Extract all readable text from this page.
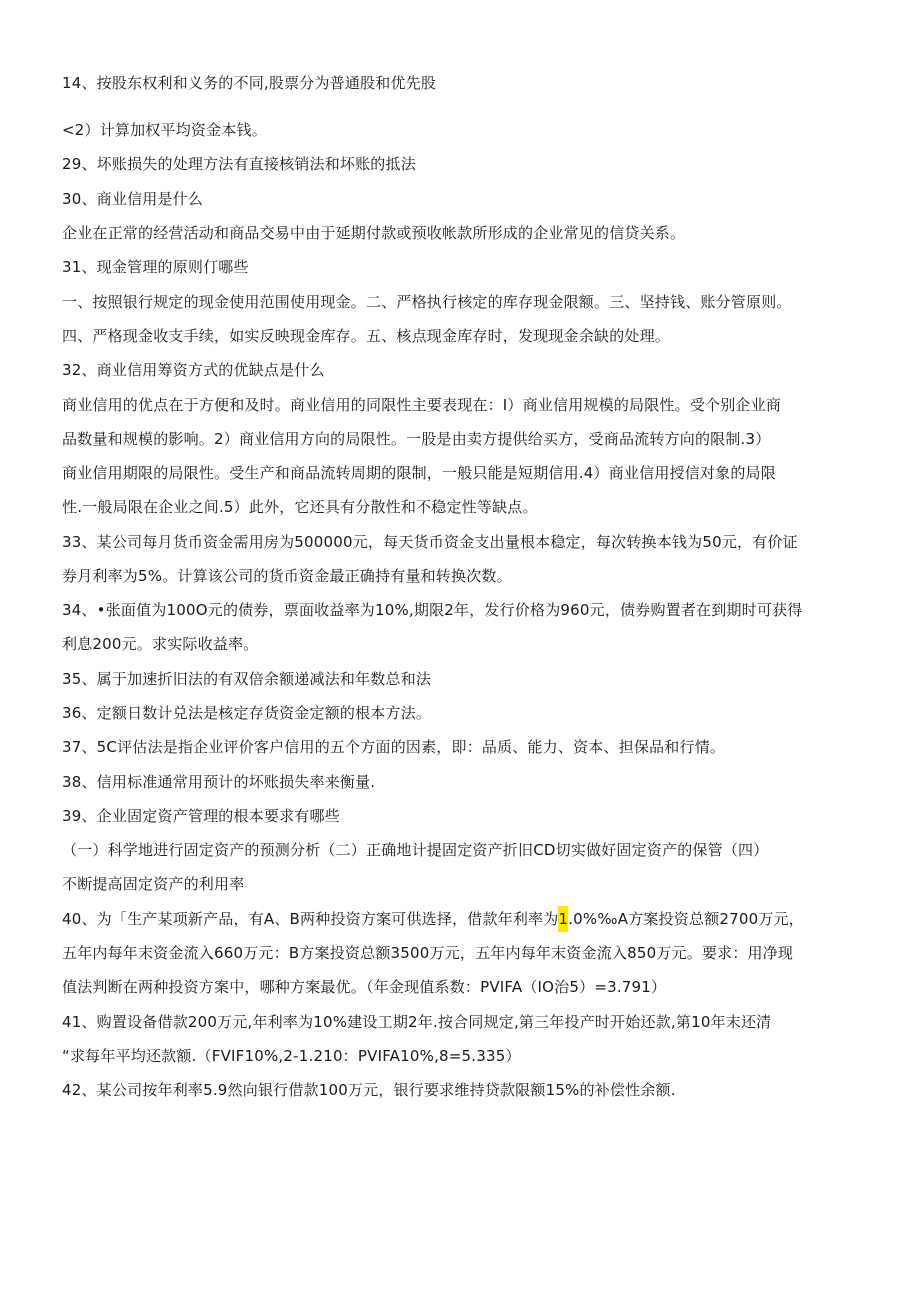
14、按股东权利和义务的不同,股票分为普通股和优先股
<2）计算加权平均资金本钱。
29、坏账损失的处理方法有直接核销法和坏账的抵法
30、商业信用是什么
企业在正常的经营活动和商品交易中由于延期付款或预收帐款所形成的企业常见的信贷关系。
31、现金管理的原则仃哪些
一、按照银行规定的现金使用范围使用现金。二、严格执行核定的库存现金限额。三、坚持钱、账分管原则。
四、严格现金收支手续，如实反映现金库存。五、核点现金库存时，发现现金余缺的处理。
32、商业信用筹资方式的优缺点是什么
商业信用的优点在于方便和及时。商业信用的同限性主要表现在：I）商业信用规模的局限性。受个别企业商
品数量和规模的影响。2）商业信用方向的局限性。一股是由卖方提供给买方，受商品流转方向的限制.3）
商业信用期限的局限性。受生产和商品流转周期的限制，一般只能是短期信用.4）商业信用授信对象的局限
性.一般局限在企业之间.5）此外，它还具有分散性和不稳定性等缺点。
33、某公司每月货币资金需用房为500000元，每天货币资金支出量根本稳定，每次转换本钱为50元，有价证
券月利率为5%。计算该公司的货币资金最正确持有量和转换次数。
34、•张面值为100O元的债券，票面收益率为10%,期限2年，发行价格为960元，债券购置者在到期时可获得
利息200元。求实际收益率。
35、属于加速折旧法的有双倍余额递减法和年数总和法
36、定额日数计兑法是核定存货资金定额的根本方法。
37、5C评估法是指企业评价客户信用的五个方面的因素，即：品质、能力、资本、担保品和行情。
38、信用标准通常用预计的坏账损失率来衡量.
39、企业固定资产管理的根本要求有哪些
（一）科学地进行固定资产的预测分析（二）正确地计提固定资产折旧CD切实做好固定资产的保管（四）
不断提高固定资产的利用率
40、为「生产某项新产品，有A、B两种投资方案可供选择，借款年利率为1.0%‰A方案投资总额2700万元，
五年内每年末资金流入660万元：B方案投资总额3500万元，五年内每年末资金流入850万元。要求：用净现
值法判断在两种投资方案中，哪种方案最优。（年金现值系数：PVIFA（IO治5）=3.791）
41、购置设备借款200万元,年利率为10%建设工期2年.按合同规定,第三年投产时开始还款,第10年末还清
“求每年平均还款额.（FVIF10%,2-1.210：PVIFA10%,8=5.335）
42、某公司按年利率5.9然向银行借款100万元，银行要求维持贷款限额15%的补偿性余额.
